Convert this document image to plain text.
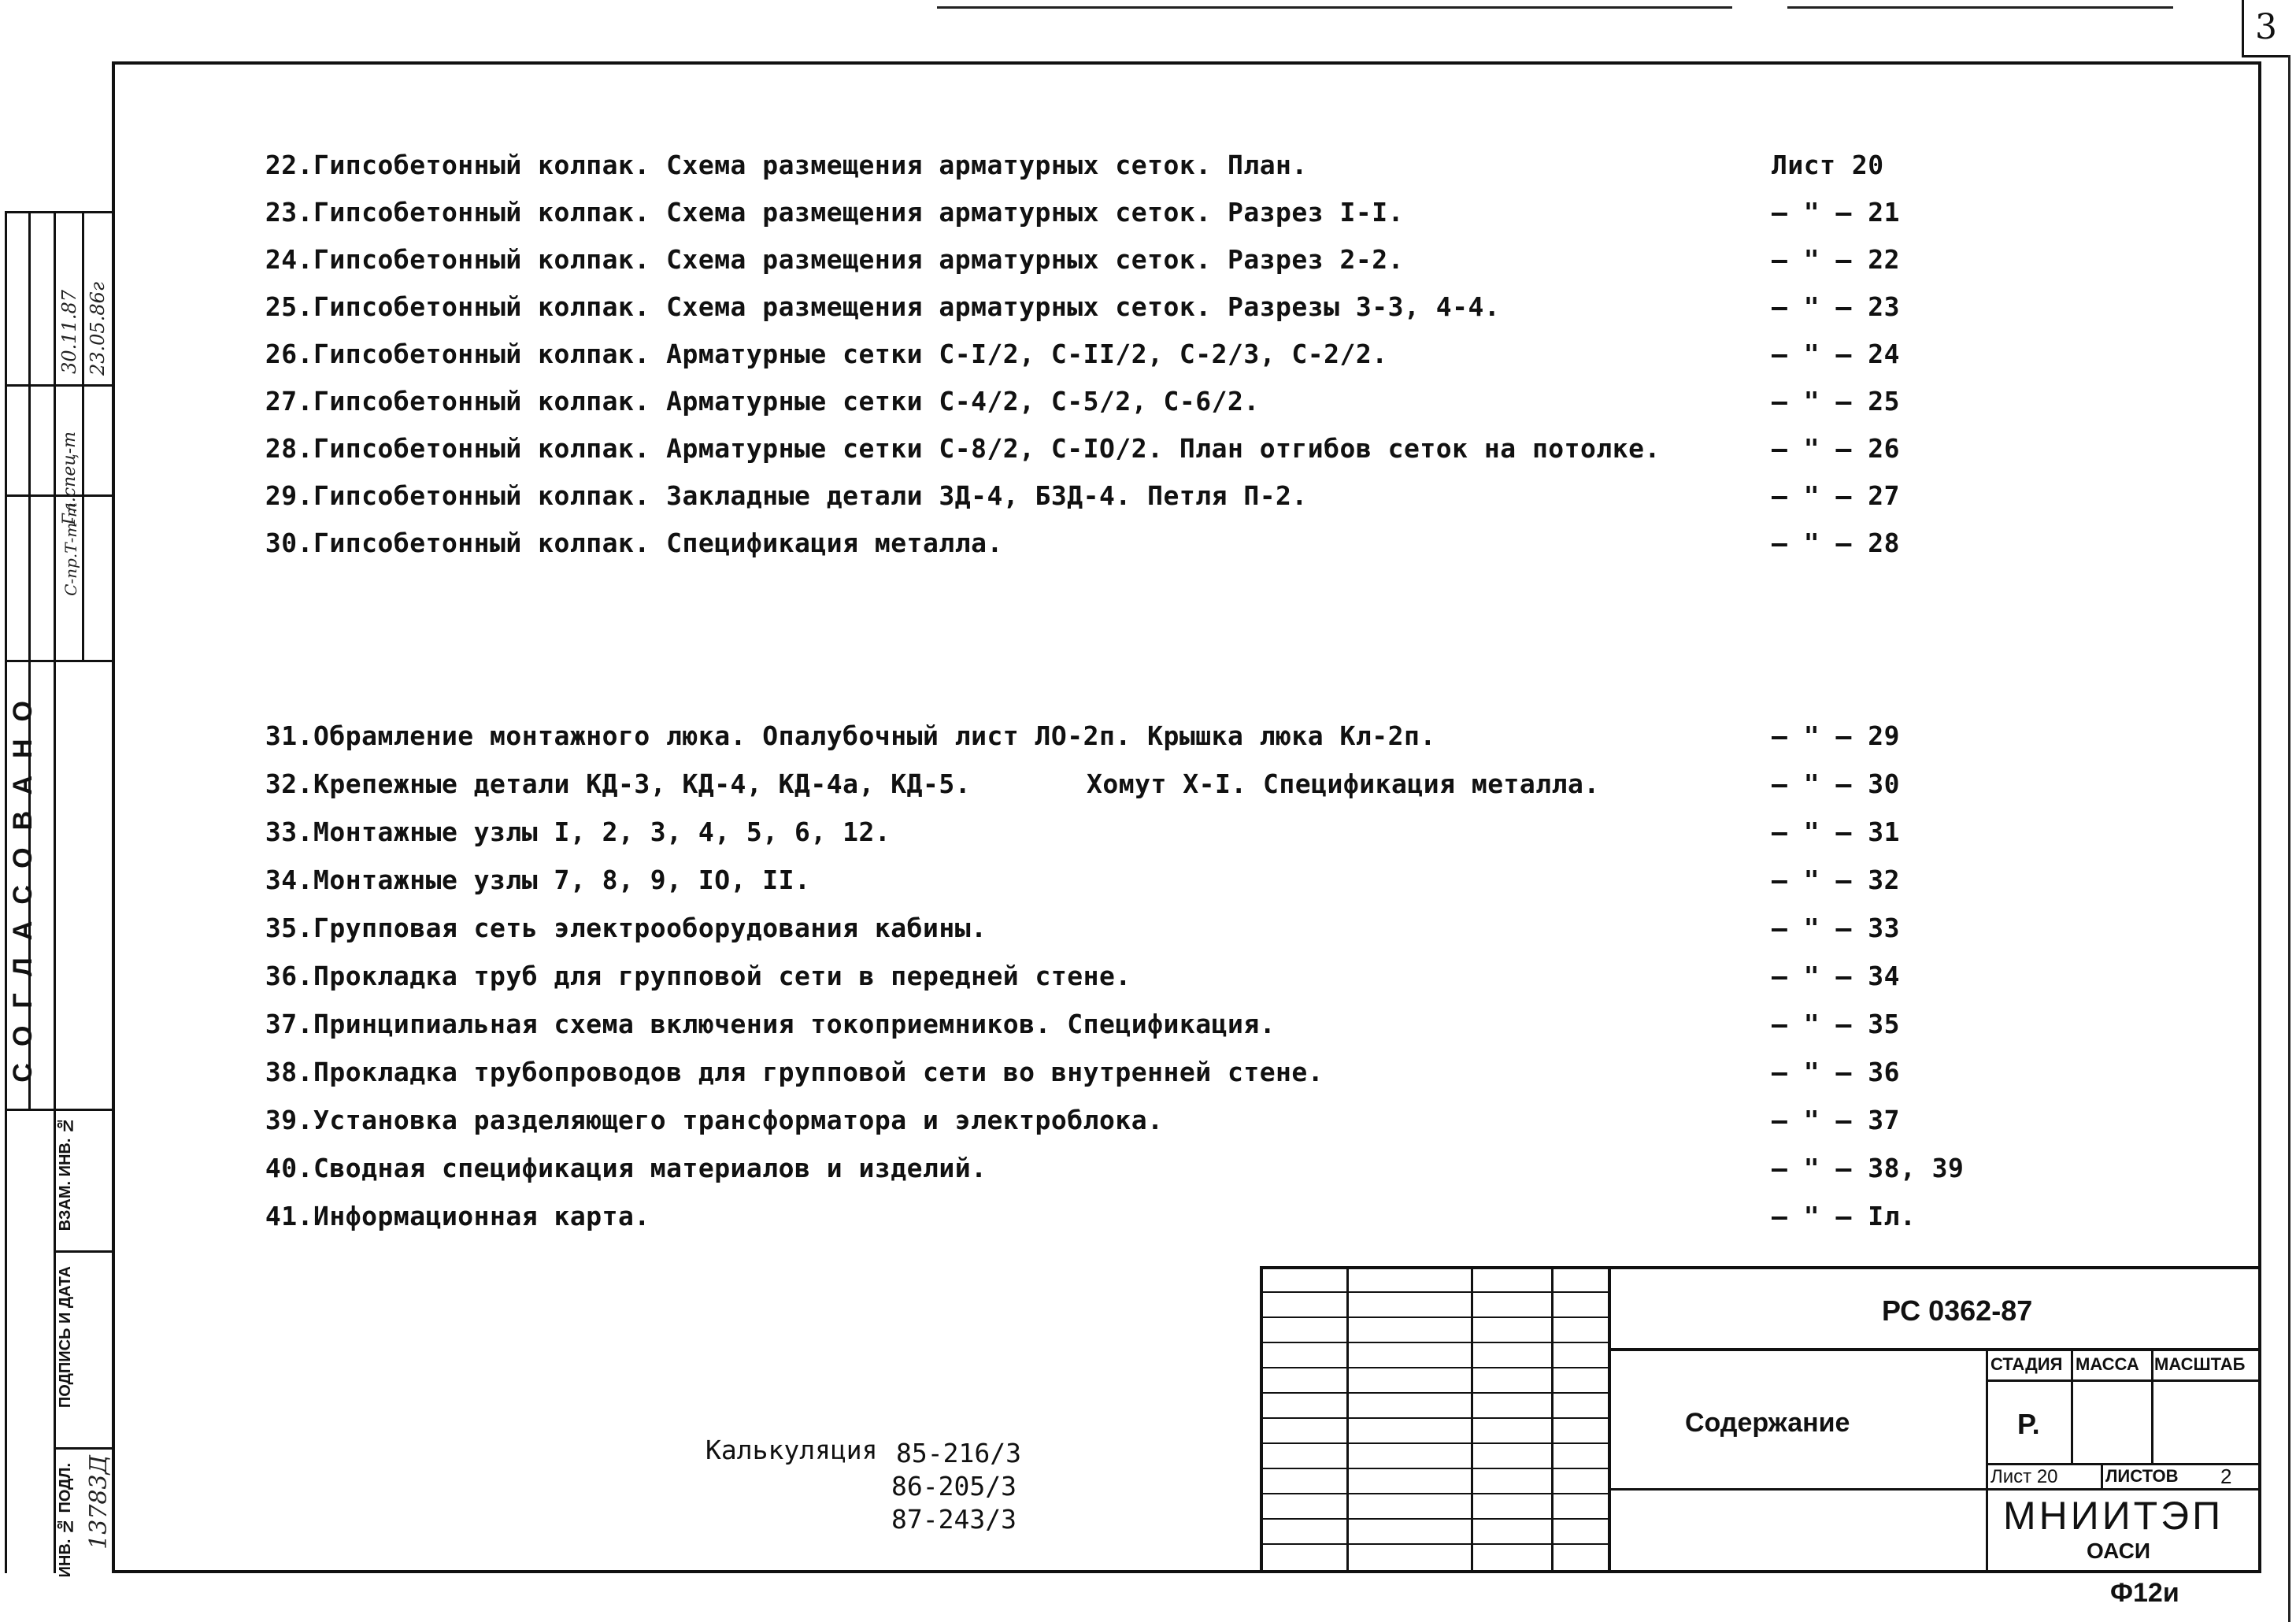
3
СОГЛАСОВАНО
30.11.87 23.05.86г
Гл.спец-т
С-пр.Т-т-т
ИНВ. № ПОДЛ.
ПОДПИСЬ И ДАТА
ВЗАМ. ИНВ. №
13783Д
22. Гипсобетонный колпак. Схема размещения арматурных сеток. План.	Лист 20
23. Гипсобетонный колпак. Схема размещения арматурных сеток. Разрез I-I.	– " – 21
24. Гипсобетонный колпак. Схема размещения арматурных сеток. Разрез 2-2.	– " – 22
25. Гипсобетонный колпак. Схема размещения арматурных сеток. Разрезы 3-3, 4-4.	– " – 23
26. Гипсобетонный колпак. Арматурные сетки С-I/2, С-II/2, С-2/3, С-2/2.	– " – 24
27. Гипсобетонный колпак. Арматурные сетки С-4/2, С-5/2, С-6/2.	– " – 25
28. Гипсобетонный колпак. Арматурные сетки С-8/2, С-IO/2. План отгибов сеток на потолке.	– " – 26
29. Гипсобетонный колпак. Закладные детали ЗД-4, БЗД-4. Петля П-2.	– " – 27
30. Гипсобетонный колпак. Спецификация металла.	– " – 28
31. Обрамление монтажного люка. Опалубочный лист ЛО-2п. Крышка люка Кл-2п.	– " – 29
32. Крепежные детали КД-3, КД-4, КД-4а, КД-5.	Хомут X-I. Спецификация металла.	– " – 30
33. Монтажные узлы I, 2, 3, 4, 5, 6, 12.	– " – 31
34. Монтажные узлы 7, 8, 9, IO, II.	– " – 32
35. Групповая сеть электрооборудования кабины.	– " – 33
36. Прокладка труб для групповой сети в передней стене.	– " – 34
37. Принципиальная схема включения токоприемников. Спецификация.	– " – 35
38. Прокладка трубопроводов для групповой сети во внутренней стене.	– " – 36
39. Установка разделяющего трансформатора и электроблока.	– " – 37
40. Сводная спецификация материалов и изделий.	– " – 38, 39
41. Информационная карта.	– " – Iл.
Калькуляция 85-216/3
86-205/3
87-243/3
РС 0362-87
Содержание
СТАДИЯ МАССА МАСШТАБ
Р.
Лист 20	ЛИСТОВ 2
МНИИТЭП
ОАСИ
Ф12и
